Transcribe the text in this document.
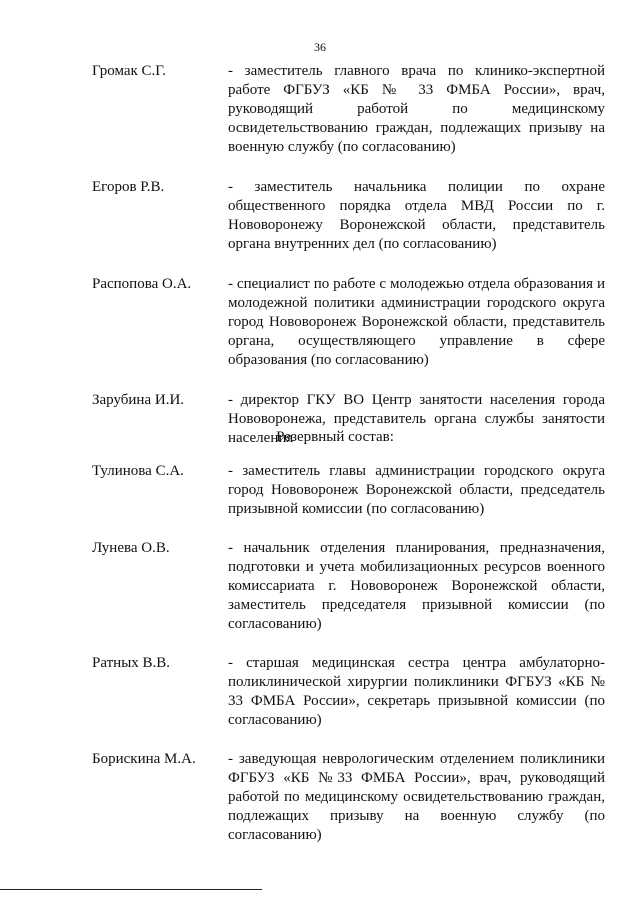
36
Громак С.Г.	- заместитель главного врача по клинико-экспертной работе ФГБУЗ «КБ № 33 ФМБА России», врач, руководящий работой по медицинскому освидетельствованию граждан, подлежащих призыву на военную службу (по согласованию)
Егоров Р.В.	- заместитель начальника полиции по охране общественного порядка отдела МВД России по г. Нововоронежу Воронежской области, представитель органа внутренних дел (по согласованию)
Распопова О.А.	- специалист по работе с молодежью отдела образования и молодежной политики администрации городского округа город Нововоронеж Воронежской области, представитель органа, осуществляющего управление в сфере образования (по согласованию)
Зарубина И.И.	- директор ГКУ ВО Центр занятости населения города Нововоронежа, представитель органа службы занятости населения
Резервный состав:
Тулинова С.А.	- заместитель главы администрации городского округа город Нововоронеж Воронежской области, председатель призывной комиссии (по согласованию)
Лунева О.В.	- начальник отделения планирования, предназначения, подготовки и учета мобилизационных ресурсов военного комиссариата г. Нововоронеж Воронежской области, заместитель председателя призывной комиссии (по согласованию)
Ратных В.В.	- старшая медицинская сестра центра амбулаторно-поликлинической хирургии поликлиники ФГБУЗ «КБ № 33 ФМБА России», секретарь призывной комиссии (по согласованию)
Борискина М.А.	- заведующая неврологическим отделением поликлиники ФГБУЗ «КБ №33 ФМБА России», врач, руководящий работой по медицинскому освидетельствованию граждан, подлежащих призыву на военную службу (по согласованию)
